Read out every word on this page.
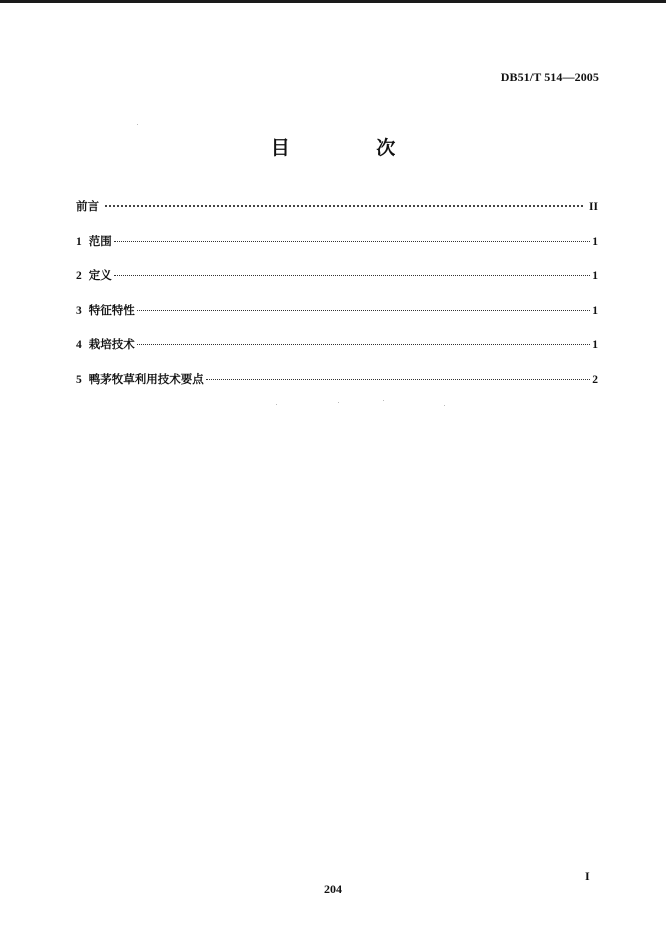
DB51/T 514—2005
目 次
前言	II
1 范围	1
2 定义	1
3 特征特性	1
4 栽培技术	1
5 鸭茅牧草利用技术要点	2
I
204
